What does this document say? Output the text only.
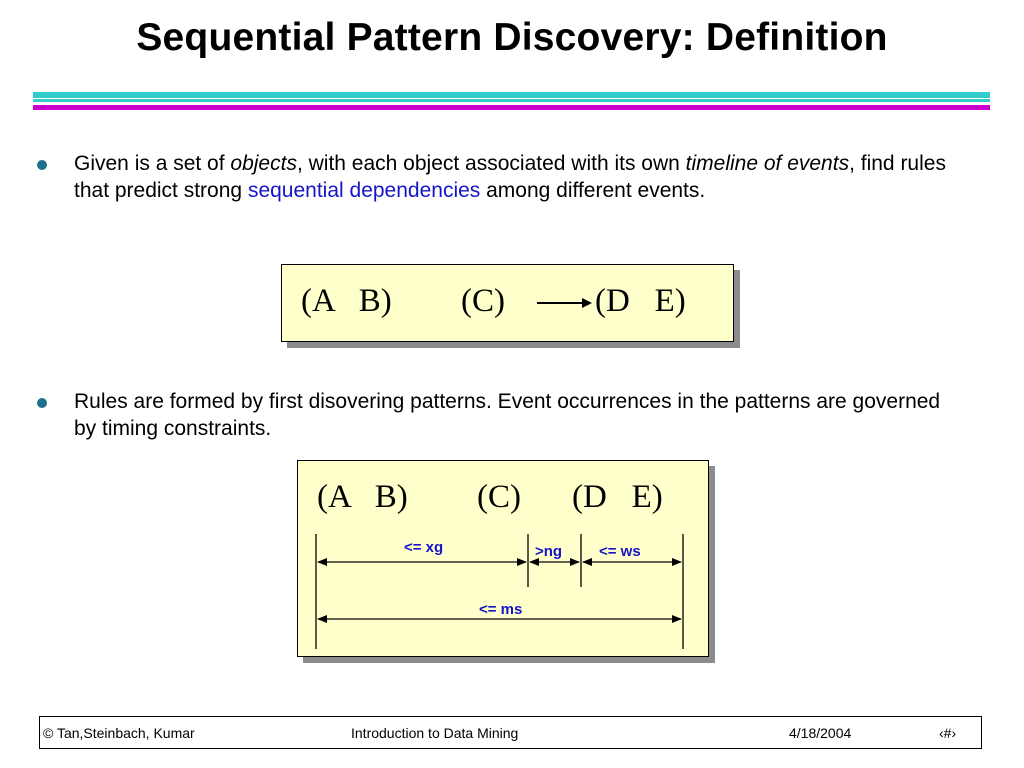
Sequential Pattern Discovery: Definition
Given is a set of objects, with each object associated with its own timeline of events, find rules that predict strong sequential dependencies among different events.
(A   B) (C)	(D   E)
Rules are formed by first disovering patterns. Event occurrences in the patterns are governed by timing constraints.
(A   B) (C) (D   E)
<= xg	>ng <= ws
<= ms
© Tan,Steinbach, Kumar	Introduction to Data Mining	4/18/2004	‹#›
